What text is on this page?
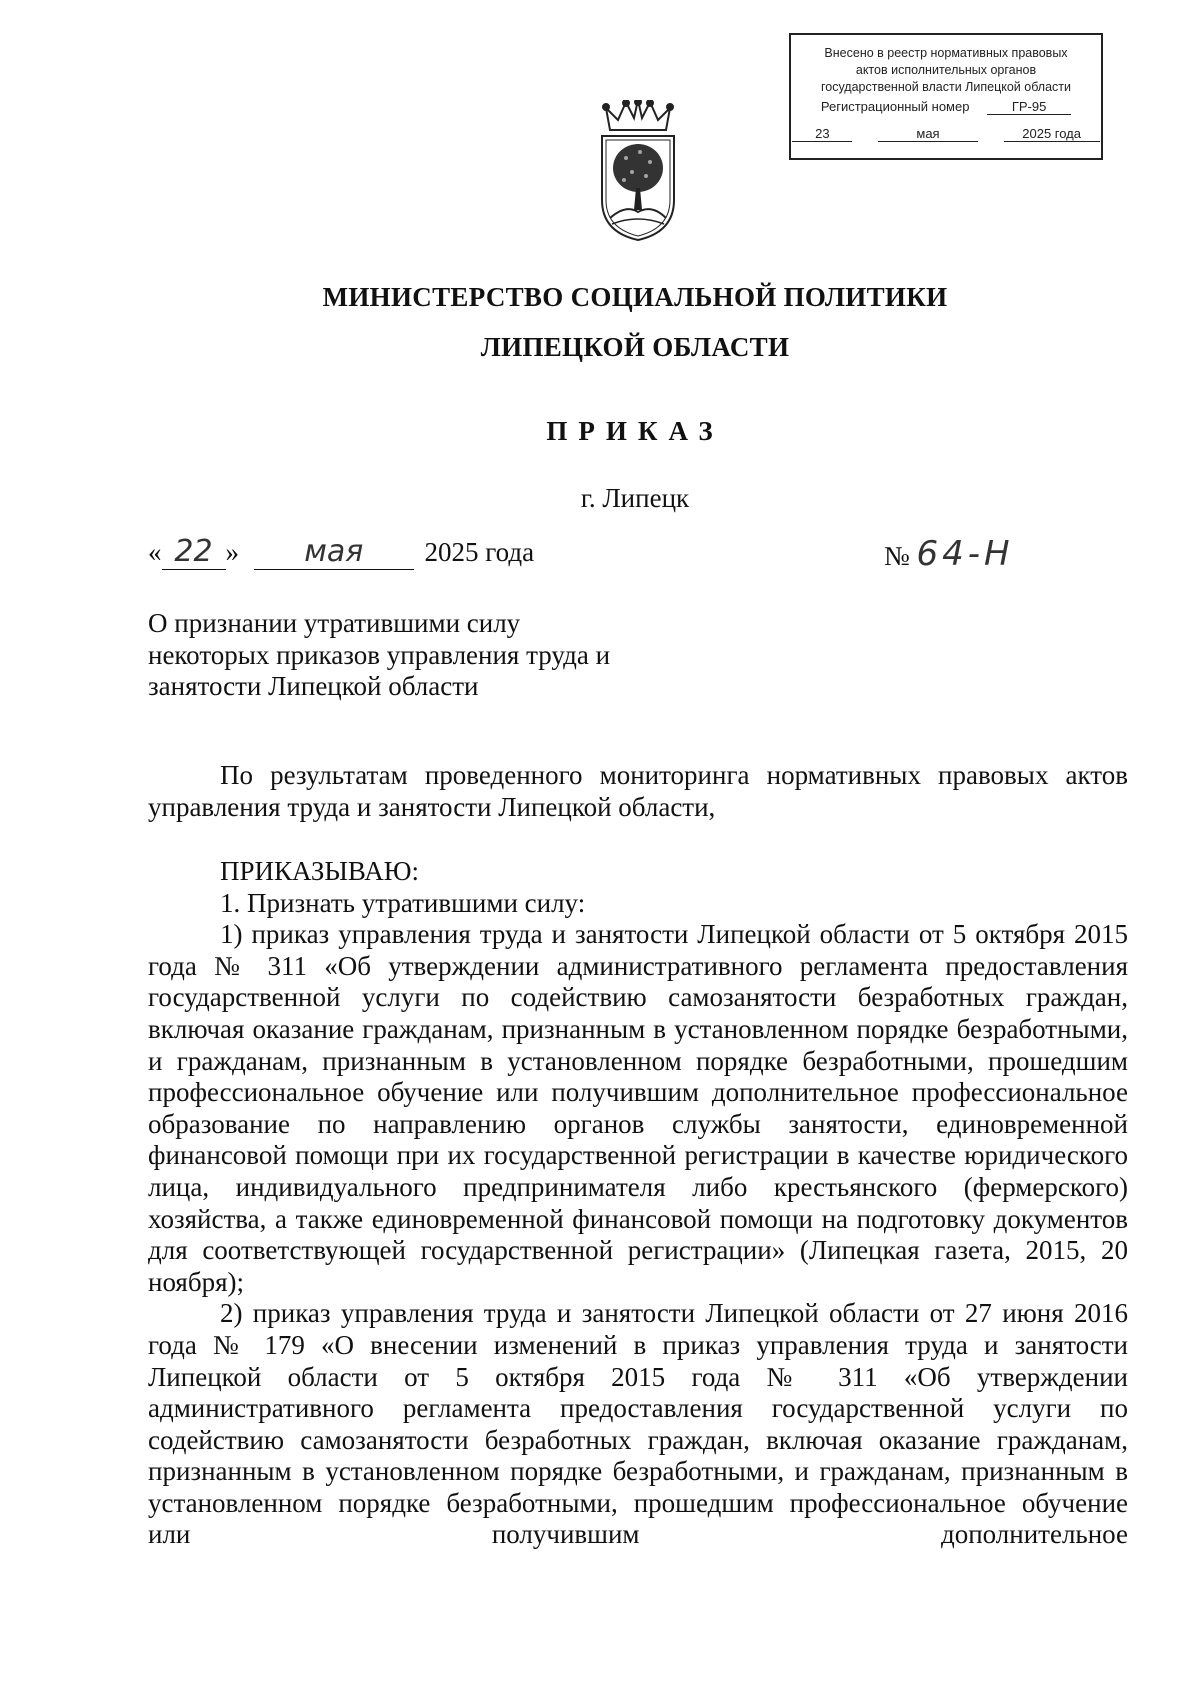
Внесено в реестр нормативных правовых
актов исполнительных органов
государственной власти Липецкой области
Регистрационный номер	ГР-95
23	мая	2025 года
МИНИСТЕРСТВО СОЦИАЛЬНОЙ ПОЛИТИКИ
ЛИПЕЦКОЙ ОБЛАСТИ
ПРИКАЗ
г. Липецк
« 22 » мая 2025 года	№ 64-Н
О признании утратившими силу
некоторых приказов управления труда и
занятости Липецкой области

По результатам проведенного мониторинга нормативных правовых актов управления труда и занятости Липецкой области,

ПРИКАЗЫВАЮ:

1. Признать утратившими силу:

1) приказ управления труда и занятости Липецкой области от 5 октября 2015 года № 311 «Об утверждении административного регламента предоставления государственной услуги по содействию самозанятости безработных граждан, включая оказание гражданам, признанным в установленном порядке безработными, и гражданам, признанным в установленном порядке безработными, прошедшим профессиональное обучение или получившим дополнительное профессиональное образование по направлению органов службы занятости, единовременной финансовой помощи при их государственной регистрации в качестве юридического лица, индивидуального предпринимателя либо крестьянского (фермерского) хозяйства, а также единовременной финансовой помощи на подготовку документов для соответствующей государственной регистрации» (Липецкая газета, 2015, 20 ноября);

2) приказ управления труда и занятости Липецкой области от 27 июня 2016 года № 179 «О внесении изменений в приказ управления труда и занятости Липецкой области от 5 октября 2015 года № 311 «Об утверждении административного регламента предоставления государственной услуги по содействию самозанятости безработных граждан, включая оказание гражданам, признанным в установленном порядке безработными, и гражданам, признанным в установленном порядке безработными, прошедшим профессиональное обучение или получившим дополнительное
